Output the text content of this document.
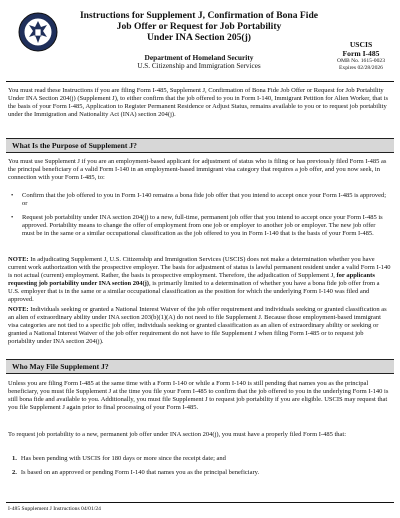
Instructions for Supplement J, Confirmation of Bona Fide
Job Offer or Request for Job Portability
Under INA Section 205(j)
Department of Homeland Security
U.S. Citizenship and Immigration Services
USCIS
Form I-485
OMB No. 1615-0023
Expires 02/28/2026
You must read these Instructions if you are filing Form I-485, Supplement J, Confirmation of Bona Fide Job Offer or Request for Job Portability Under INA Section 204(j) (Supplement J), to either confirm that the job offered to you in Form I-140, Immigrant Petition for Alien Worker, that is the basis of your Form I-485, Application to Register Permanent Residence or Adjust Status, remains available to you or to request job portability under the Immigration and Nationality Act (INA) section 204(j).
What Is the Purpose of Supplement J?
You must use Supplement J if you are an employment-based applicant for adjustment of status who is filing or has previously filed Form I-485 as the principal beneficiary of a valid Form I-140 in an employment-based immigrant visa category that requires a job offer, and you now seek, in connection with your Form I-485, to:
• Confirm that the job offered to you in Form I-140 remains a bona fide job offer that you intend to accept once your Form I-485 is approved; or
• Request job portability under INA section 204(j) to a new, full-time, permanent job offer that you intend to accept once your Form I-485 is approved. Portability means to change the offer of employment from one job or employer to another job or employer. The new job offer must be in the same or a similar occupational classification as the job offered to you in Form I-140 that is the basis of your Form I-485.
NOTE: In adjudicating Supplement J, U.S. Citizenship and Immigration Services (USCIS) does not make a determination whether you have current work authorization with the prospective employer. The basis for adjustment of status is lawful permanent resident under a valid Form I-140 is not actual (current) employment. Rather, the basis is prospective employment. Therefore, the adjudication of Supplement J, for applicants requesting job portability under INA section 204(j), is primarily limited to a determination of whether you have a bona fide job offer from a U.S. employer that is in the same or a similar occupational classification as the position for which the underlying Form I-140 was filed and approved.
NOTE: Individuals seeking or granted a National Interest Waiver of the job offer requirement and individuals seeking or granted classification as an alien of extraordinary ability under INA section 203(b)(1)(A) do not need to file Supplement J. Because those employment-based immigrant visa categories are not tied to a specific job offer, individuals seeking or granted classification as an alien of extraordinary ability or seeking or granted a National Interest Waiver of the job offer requirement do not have to file Supplement J when filing Form I-485 or to request job portability under INA section 204(j).
Who May File Supplement J?
Unless you are filing Form I-485 at the same time with a Form I-140 or while a Form I-140 is still pending that names you as the principal beneficiary, you must file Supplement J at the time you file your Form I-485 to confirm that the job offered to you in the underlying Form I-140 is still bona fide and available to you. Additionally, you must file Supplement J to request job portability if you are eligible. USCIS may request that you file Supplement J again prior to final processing of your Form I-485.
To request job portability to a new, permanent job offer under INA section 204(j), you must have a properly filed Form I-485 that:
1. Has been pending with USCIS for 180 days or more since the receipt date; and
2. Is based on an approved or pending Form I-140 that names you as the principal beneficiary.
I-485 Supplement J Instructions 04/01/24
